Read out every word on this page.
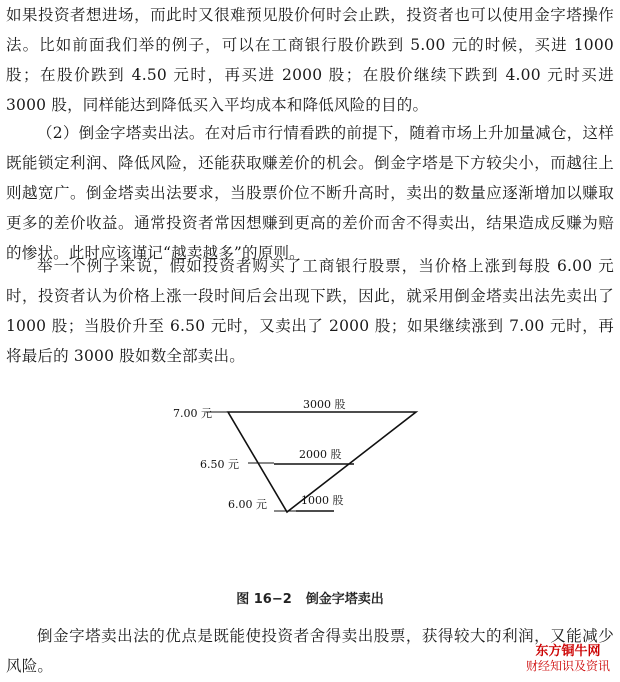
如果投资者想进场，而此时又很难预见股价何时会止跌，投资者也可以使用金字塔操作法。比如前面我们举的例子，可以在工商银行股价跌到 5.00 元的时候，买进 1000 股；在股价跌到 4.50 元时，再买进 2000 股；在股价继续下跌到 4.00 元时买进 3000 股，同样能达到降低买入平均成本和降低风险的目的。

（2）倒金字塔卖出法。在对后市行情看跌的前提下，随着市场上升加量减仓，这样既能锁定利润、降低风险，还能获取赚差价的机会。倒金字塔是下方较尖小，而越往上则越宽广。倒金塔卖出法要求，当股票价位不断升高时，卖出的数量应逐渐增加以赚取更多的差价收益。通常投资者常因想赚到更高的差价而舍不得卖出，结果造成反赚为赔的惨状。此时应该谨记“越卖越多”的原则。

举一个例子来说，假如投资者购买了工商银行股票，当价格上涨到每股 6.00 元时，投资者认为价格上涨一段时间后会出现下跌，因此，就采用倒金塔卖出法先卖出了 1000 股；当股价升至 6.50 元时，又卖出了 2000 股；如果继续涨到 7.00 元时，再将最后的 3000 股如数全部卖出。

7.00 元
6.50 元
6.00 元
3000 股
2000 股
1000 股
图 16−2 倒金字塔卖出

倒金字塔卖出法的优点是既能使投资者舍得卖出股票，获得较大的利润，又能减少风险。

东方铜牛网
财经知识及资讯
